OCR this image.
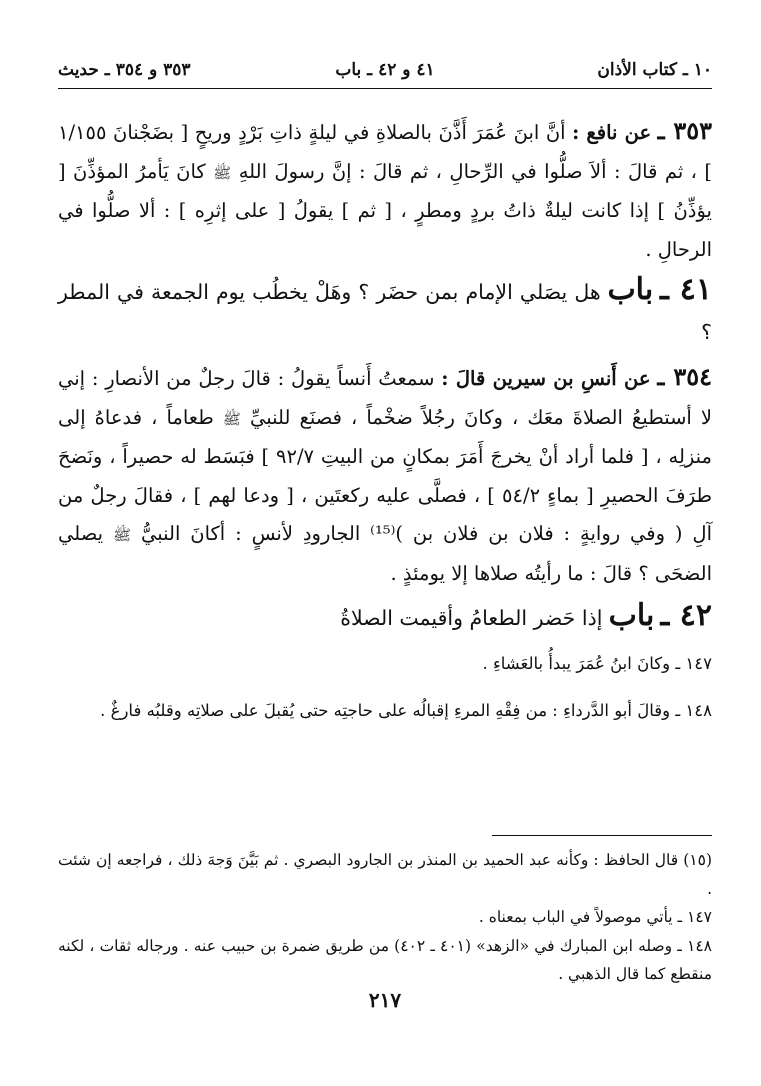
١٠ ـ كتاب الأذان
٤١ و ٤٢ ـ باب
٣٥٣ و ٣٥٤ ـ حديث

٣٥٣ ـ عن نافع : أنَّ ابنَ عُمَرَ أَذَّنَ بالصلاةِ في ليلةٍ ذاتِ بَرْدٍ وريحٍ [ بضَجْنانَ ١/١٥٥ ] ، ثم قالَ : ألاَ صلُّوا في الرِّحالِ ، ثم قالَ : إنَّ رسولَ اللهِ ﷺ كانَ يَأمرُ المؤذِّنَ [ يؤذِّنُ ] إذا كانت ليلةٌ ذاتُ بردٍ ومطرٍ ، [ ثم ] يقولُ [ على إثرِه ] : ألا صلُّوا في الرحالِ .

٤١ ـ باب هل يصَلي الإمام بمن حضَر ؟ وهَلْ يخطُب يوم الجمعة في المطر ؟

٣٥٤ ـ عن أَنسِ بن سيرين قالَ : سمعتُ أَنساً يقولُ : قالَ رجلٌ من الأنصارِ : إني لا أستطيعُ الصلاةَ معَك ، وكانَ رجُلاً ضخْماً ، فصنَع للنبيِّ ﷺ طعاماً ، فدعاهُ إلى منزلِه ، [ فلما أراد أنْ يخرجَ أَمَرَ بمكانٍ من البيتِ ٩٢/٧ ] فبَسَط له حصيراً ، ونَضحَ طرَفَ الحصيرِ [ بماءٍ ٥٤/٢ ] ، فصلَّى عليه ركعتَين ، [ ودعا لهم ] ، فقالَ رجلٌ من آلِ ( وفي روايةٍ : فلان بن فلان بن )⁽¹⁵⁾ الجارودِ لأنسٍ : أكانَ النبيُّ ﷺ يصلي الضحَى ؟ قالَ : ما رأيتُه صلاها إلا يومئذٍ .

٤٢ ـ باب إذا حَضر الطعامُ وأقيمت الصلاةُ

١٤٧ ـ وكانَ ابنُ عُمَرَ يبدأُ بالعَشاءِ .

١٤٨ ـ وقالَ أبو الدَّرداءِ : من فِقْهِ المرءِ إقبالُه على حاجتِه حتى يُقبلَ على صلاتِه وقلبُه فارغٌ .

(١٥) قال الحافظ : وكأنه عبد الحميد بن المنذر بن الجارود البصري . ثم بَيَّنَ وَجهَ ذلك ، فراجعه إن شئت .

١٤٧ ـ يأتي موصولاً في الباب بمعناه .

١٤٨ ـ وصله ابن المبارك في «الزهد» (٤٠١ ـ ٤٠٢) من طريق ضمرة بن حبيب عنه . ورجاله ثقات ، لكنه منقطع كما قال الذهبي .

٢١٧
